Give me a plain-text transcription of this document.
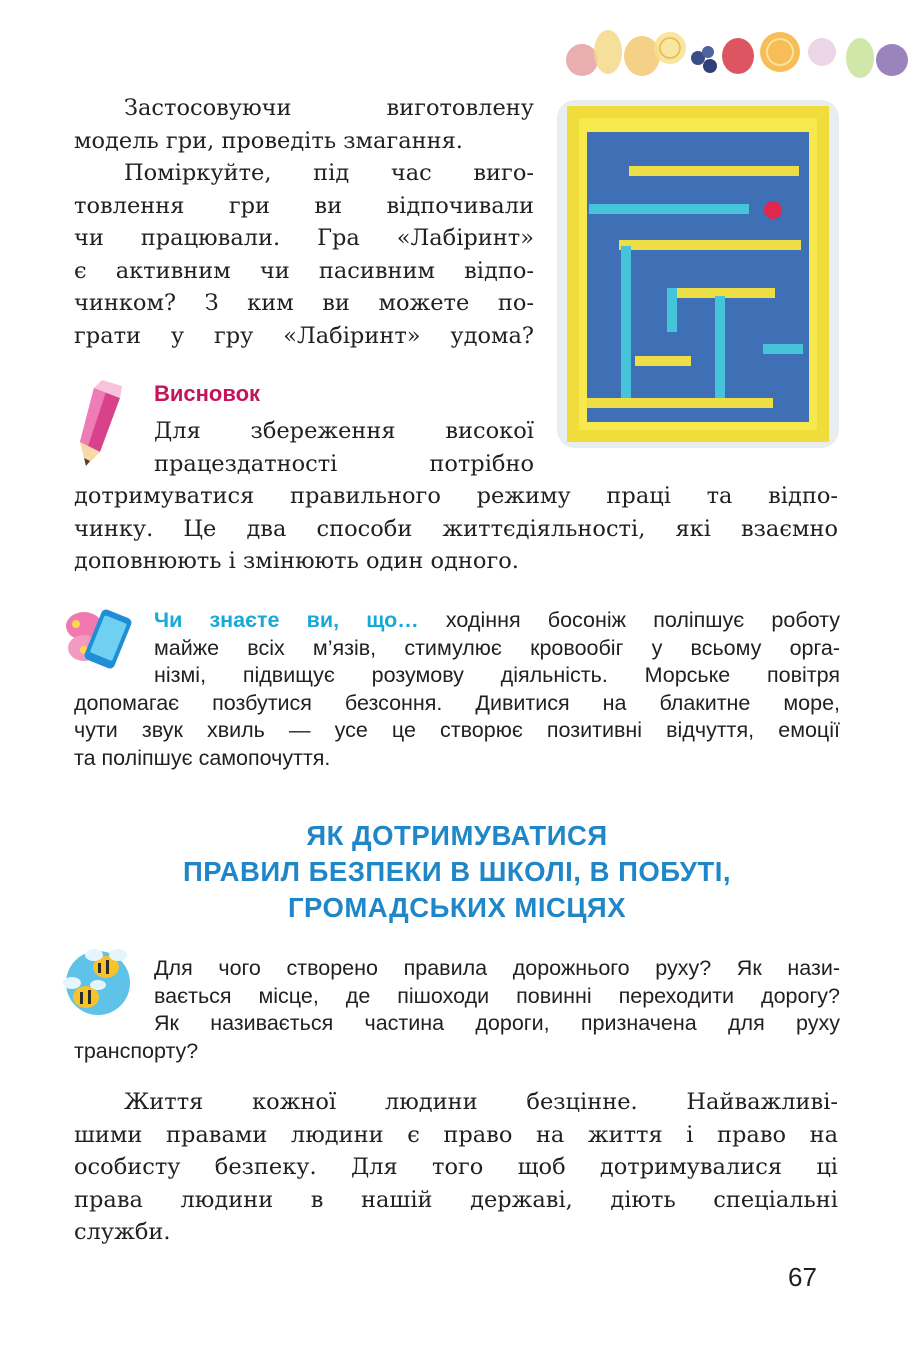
Застосовуючи виготовлену
модель гри, проведіть змагання.
Поміркуйте, під час виго-
товлення гри ви відпочивали
чи працювали. Гра «Лабіринт»
є активним чи пасивним відпо-
чинком? З ким ви можете по-
грати у гру «Лабіринт» удома?
Висновок
Для збереження високої
працездатності потрібно
дотримуватися правильного режиму праці та відпо-
чинку. Це два способи життєдіяльності, які взаємно
доповнюють і змінюють один одного.
Чи знаєте ви, що… ходіння босоніж поліпшує роботу
майже всіх м’язів, стимулює кровообіг у всьому орга-
нізмі, підвищує розумову діяльність. Морське повітря
допомагає позбутися безсоння. Дивитися на блакитне море,
чути звук хвиль — усе це створює позитивні відчуття, емоції
та поліпшує самопочуття.
ЯК ДОТРИМУВАТИСЯ
ПРАВИЛ БЕЗПЕКИ В ШКОЛІ, В ПОБУТІ,
ГРОМАДСЬКИХ МІСЦЯХ
Для чого створено правила дорожнього руху? Як нази-
вається місце, де пішоходи повинні переходити дорогу?
Як називається частина дороги, призначена для руху
транспорту?
Життя кожної людини безцінне. Найважливі-
шими правами людини є право на життя і право на
особисту безпеку. Для того щоб дотримувалися ці
права людини в нашій державі, діють спеціальні
служби.
67
